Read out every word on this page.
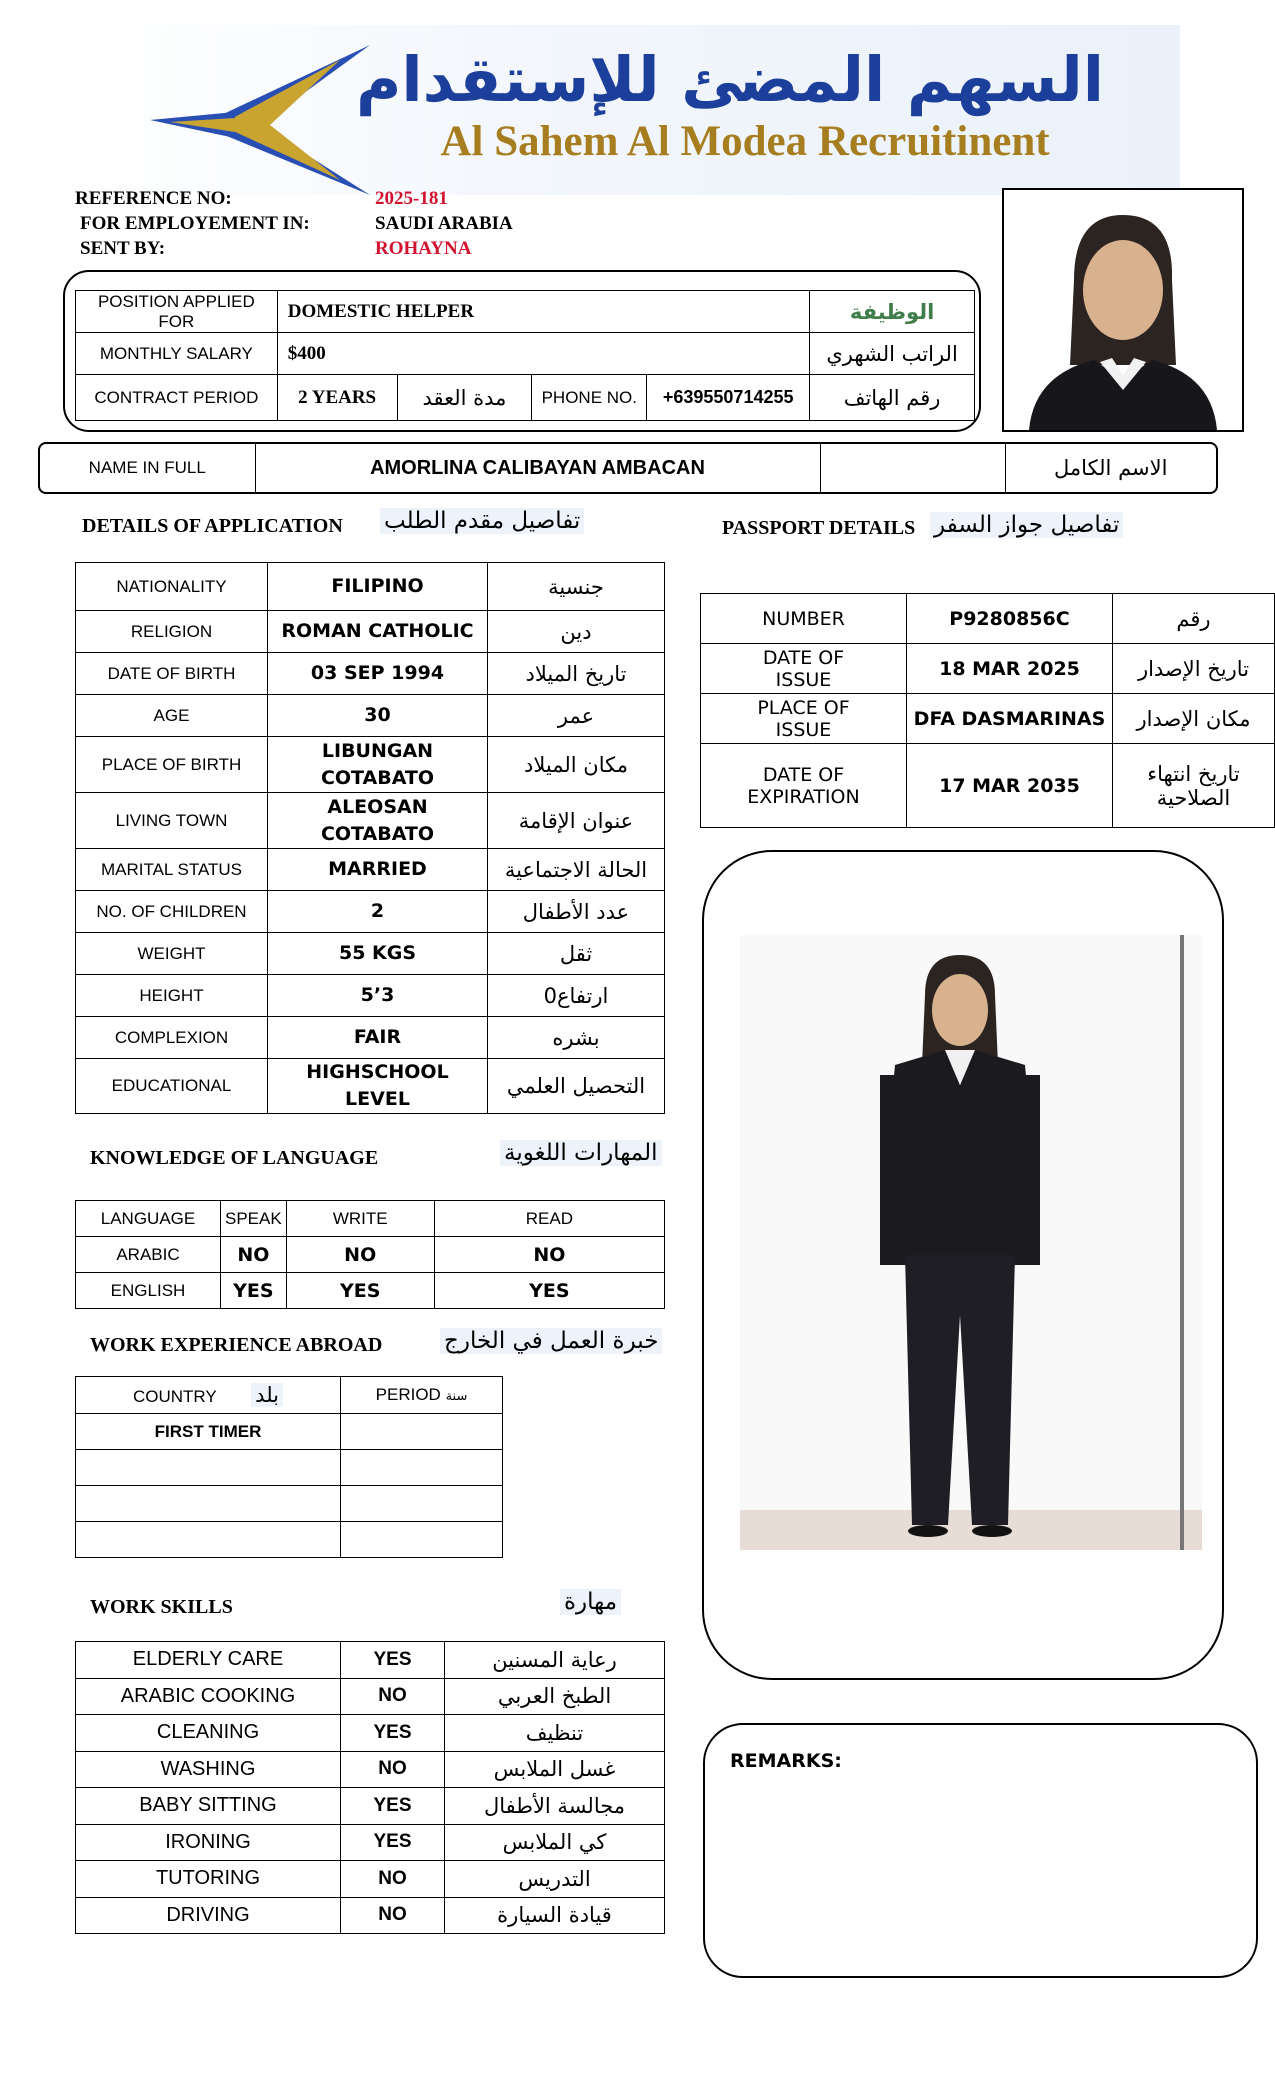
السهم المضئ للإستقدام
Al Sahem Al Modea Recruitinent
REFERENCE NO:	2025-181
FOR EMPLOYEMENT IN:	SAUDI ARABIA
SENT BY:	ROHAYNA
POSITION APPLIED FOR	DOMESTIC HELPER				الوظيفة
MONTHLY SALARY	$400				الراتب الشهري
CONTRACT PERIOD	2 YEARS	مدة العقد	PHONE NO.	+639550714255	رقم الهاتف
NAME IN FULL	AMORLINA CALIBAYAN AMBACAN		الاسم الكامل
DETAILS OF APPLICATION تفاصيل مقدم الطلب
NATIONALITY	FILIPINO	جنسية
RELIGION	ROMAN CATHOLIC	دين
DATE OF BIRTH	03 SEP 1994	تاريخ الميلاد
AGE	30	عمر
PLACE OF BIRTH	LIBUNGAN COTABATO	مكان الميلاد
LIVING TOWN	ALEOSAN COTABATO	عنوان الإقامة
MARITAL STATUS	MARRIED	الحالة الاجتماعية
NO. OF CHILDREN	2	عدد الأطفال
WEIGHT	55 KGS	ثقل
HEIGHT	5’3	ارتفاع0
COMPLEXION	FAIR	بشره
EDUCATIONAL	HIGHSCHOOL LEVEL	التحصيل العلمي
PASSPORT DETAILS تفاصيل جواز السفر
NUMBER	P9280856C	رقم
DATE OF ISSUE	18 MAR 2025	تاريخ الإصدار
PLACE OF ISSUE	DFA DASMARINAS	مكان الإصدار
DATE OF EXPIRATION	17 MAR 2035	تاريخ انتهاء الصلاحية
REMARKS:
KNOWLEDGE OF LANGUAGE	المهارات اللغوية
LANGUAGE	SPEAK	WRITE	READ
ARABIC	NO	NO	NO
ENGLISH	YES	YES	YES
WORK EXPERIENCE ABROAD	خبرة العمل في الخارج
COUNTRY بلد	PERIOD سنة
FIRST TIMER	

WORK SKILLS	مهارة
ELDERLY CARE	YES	رعاية المسنين
ARABIC COOKING	NO	الطبخ العربي
CLEANING	YES	تنظيف
WASHING	NO	غسل الملابس
BABY SITTING	YES	مجالسة الأطفال
IRONING	YES	كي الملابس
TUTORING	NO	التدريس
DRIVING	NO	قيادة السيارة
